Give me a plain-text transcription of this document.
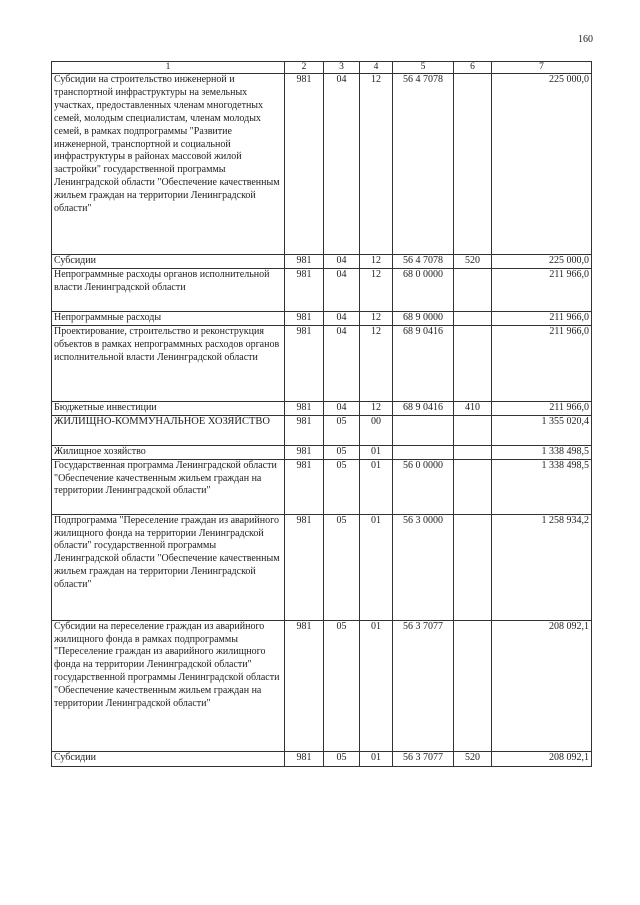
160
1	2	3	4	5	6	7
Субсидии на строительство инженерной и транспортной инфраструктуры на земельных участках, предоставленных членам многодетных семей, молодым специалистам, членам молодых семей, в рамках подпрограммы "Развитие инженерной, транспортной и социальной инфраструктуры в районах массовой жилой застройки" государственной программы Ленинградской области "Обеспечение качественным жильем граждан на территории Ленинградской области"	981	04	12	56 4 7078		225 000,0
Субсидии	981	04	12	56 4 7078	520	225 000,0
Непрограммные расходы органов исполнительной власти Ленинградской области	981	04	12	68 0 0000		211 966,0
Непрограммные расходы	981	04	12	68 9 0000		211 966,0
Проектирование, строительство и реконструкция объектов в рамках непрограммных расходов органов исполнительной власти Ленинградской области	981	04	12	68 9 0416		211 966,0
Бюджетные инвестиции	981	04	12	68 9 0416	410	211 966,0
ЖИЛИЩНО-КОММУНАЛЬНОЕ ХОЗЯЙСТВО	981	05	00			1 355 020,4
Жилищное хозяйство	981	05	01			1 338 498,5
Государственная программа Ленинградской области "Обеспечение качественным жильем граждан на территории Ленинградской области"	981	05	01	56 0 0000		1 338 498,5
Подпрограмма "Переселение граждан из аварийного жилищного фонда на территории Ленинградской области" государственной программы Ленинградской области "Обеспечение качественным жильем граждан на территории Ленинградской области"	981	05	01	56 3 0000		1 258 934,2
Субсидии на переселение граждан из аварийного жилищного фонда в рамках подпрограммы "Переселение граждан из аварийного жилищного фонда на территории Ленинградской области" государственной программы Ленинградской области "Обеспечение качественным жильем граждан на территории Ленинградской области"	981	05	01	56 3 7077		208 092,1
Субсидии	981	05	01	56 3 7077	520	208 092,1
